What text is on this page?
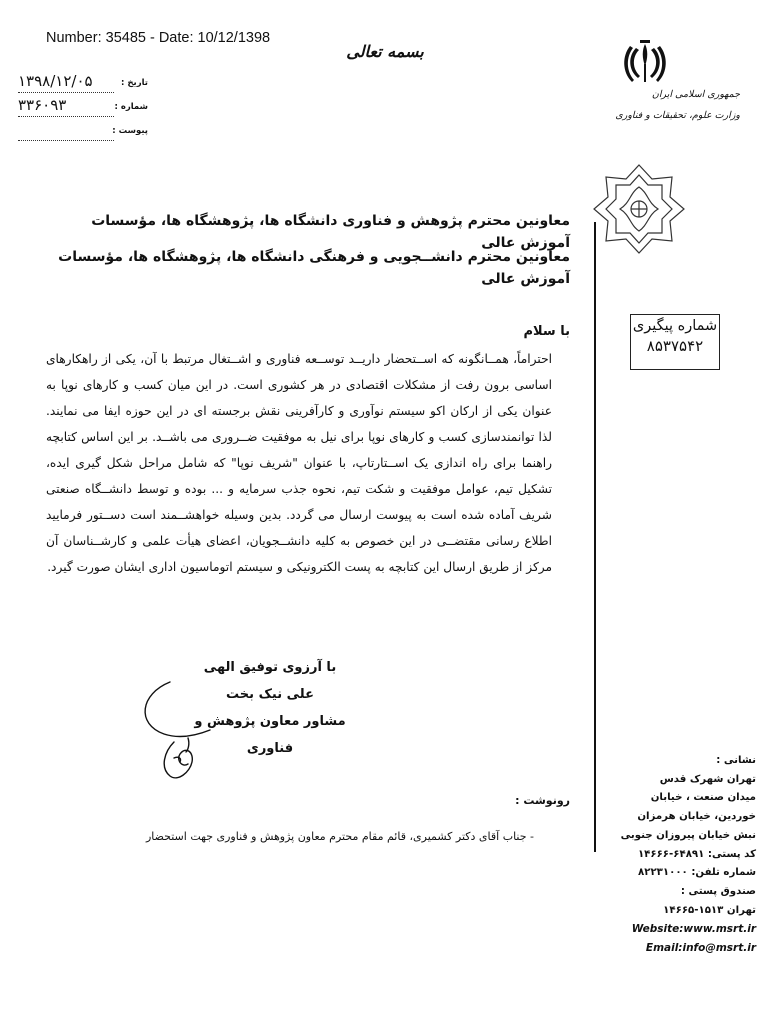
Number: 35485 - Date: 10/12/1398
بسمه تعالی
۱۳۹۸/۱۲/۰۵	تاریخ :
۳۳۶۰۹۳	شماره :
پیوست :
جمهوری اسلامی ایران
وزارت علوم، تحقیقات و فناوری
معاونین محترم پژوهش و فناوری دانشگاه ها، پژوهشگاه ها، مؤسسات آموزش عالی
معاونین محترم دانشــجویی و فرهنگی دانشگاه ها، پژوهشگاه ها، مؤسسات آموزش عالی
شماره پیگیری
۸۵۳۷۵۴۲
با سلام
احتراماً، همــانگونه که اســتحضار داریــد توســعه فناوری و اشــتغال مرتبط با آن، یکی از راهکارهای اساسی برون رفت از مشکلات اقتصادی در هر کشوری است. در این میان کسب و کارهای نوپا به عنوان یکی از ارکان اکو سیستم نوآوری و کارآفرینی نقش برجسته ای در این حوزه ایفا می نمایند. لذا توانمندسازی کسب و کارهای نوپا برای نیل به موفقیت ضــروری می باشــد. بر این اساس کتابچه راهنما برای راه اندازی یک اســتارتاپ، با عنوان "شریف نوپا" که شامل مراحل شکل گیری ایده، تشکیل تیم، عوامل موفقیت و شکت تیم، نحوه جذب سرمایه و ... بوده و توسط دانشــگاه صنعتی شریف آماده شده است به پیوست ارسال می گردد. بدین وسیله خواهشــمند است دســتور فرمایید اطلاع رسانی مقتضــی در این خصوص به کلیه دانشــجویان، اعضای هیأت علمی و کارشــناسان آن مرکز از طریق ارسال این کتابچه به پست الکترونیکی و سیستم اتوماسیون اداری ایشان صورت گیرد.
با آرزوی توفیق الهی
علی نیک بخت
مشاور معاون پژوهش و فناوری
رونوشت :
- جناب آقای دکتر کشمیری، قائم مقام محترم معاون پژوهش و فناوری جهت استحضار
نشانی :
تهران شهرک قدس
میدان صنعت ، خیابان
خوردین، خیابان هرمزان
نبش خیابان پیروزان جنوبی
کد پستی: ۶۴۸۹۱-۱۴۶۶۶
شماره تلفن: ۸۲۲۳۱۰۰۰
صندوق پستی :
تهران ۱۵۱۳-۱۴۶۶۵
Website:www.msrt.ir
Email:info@msrt.ir
